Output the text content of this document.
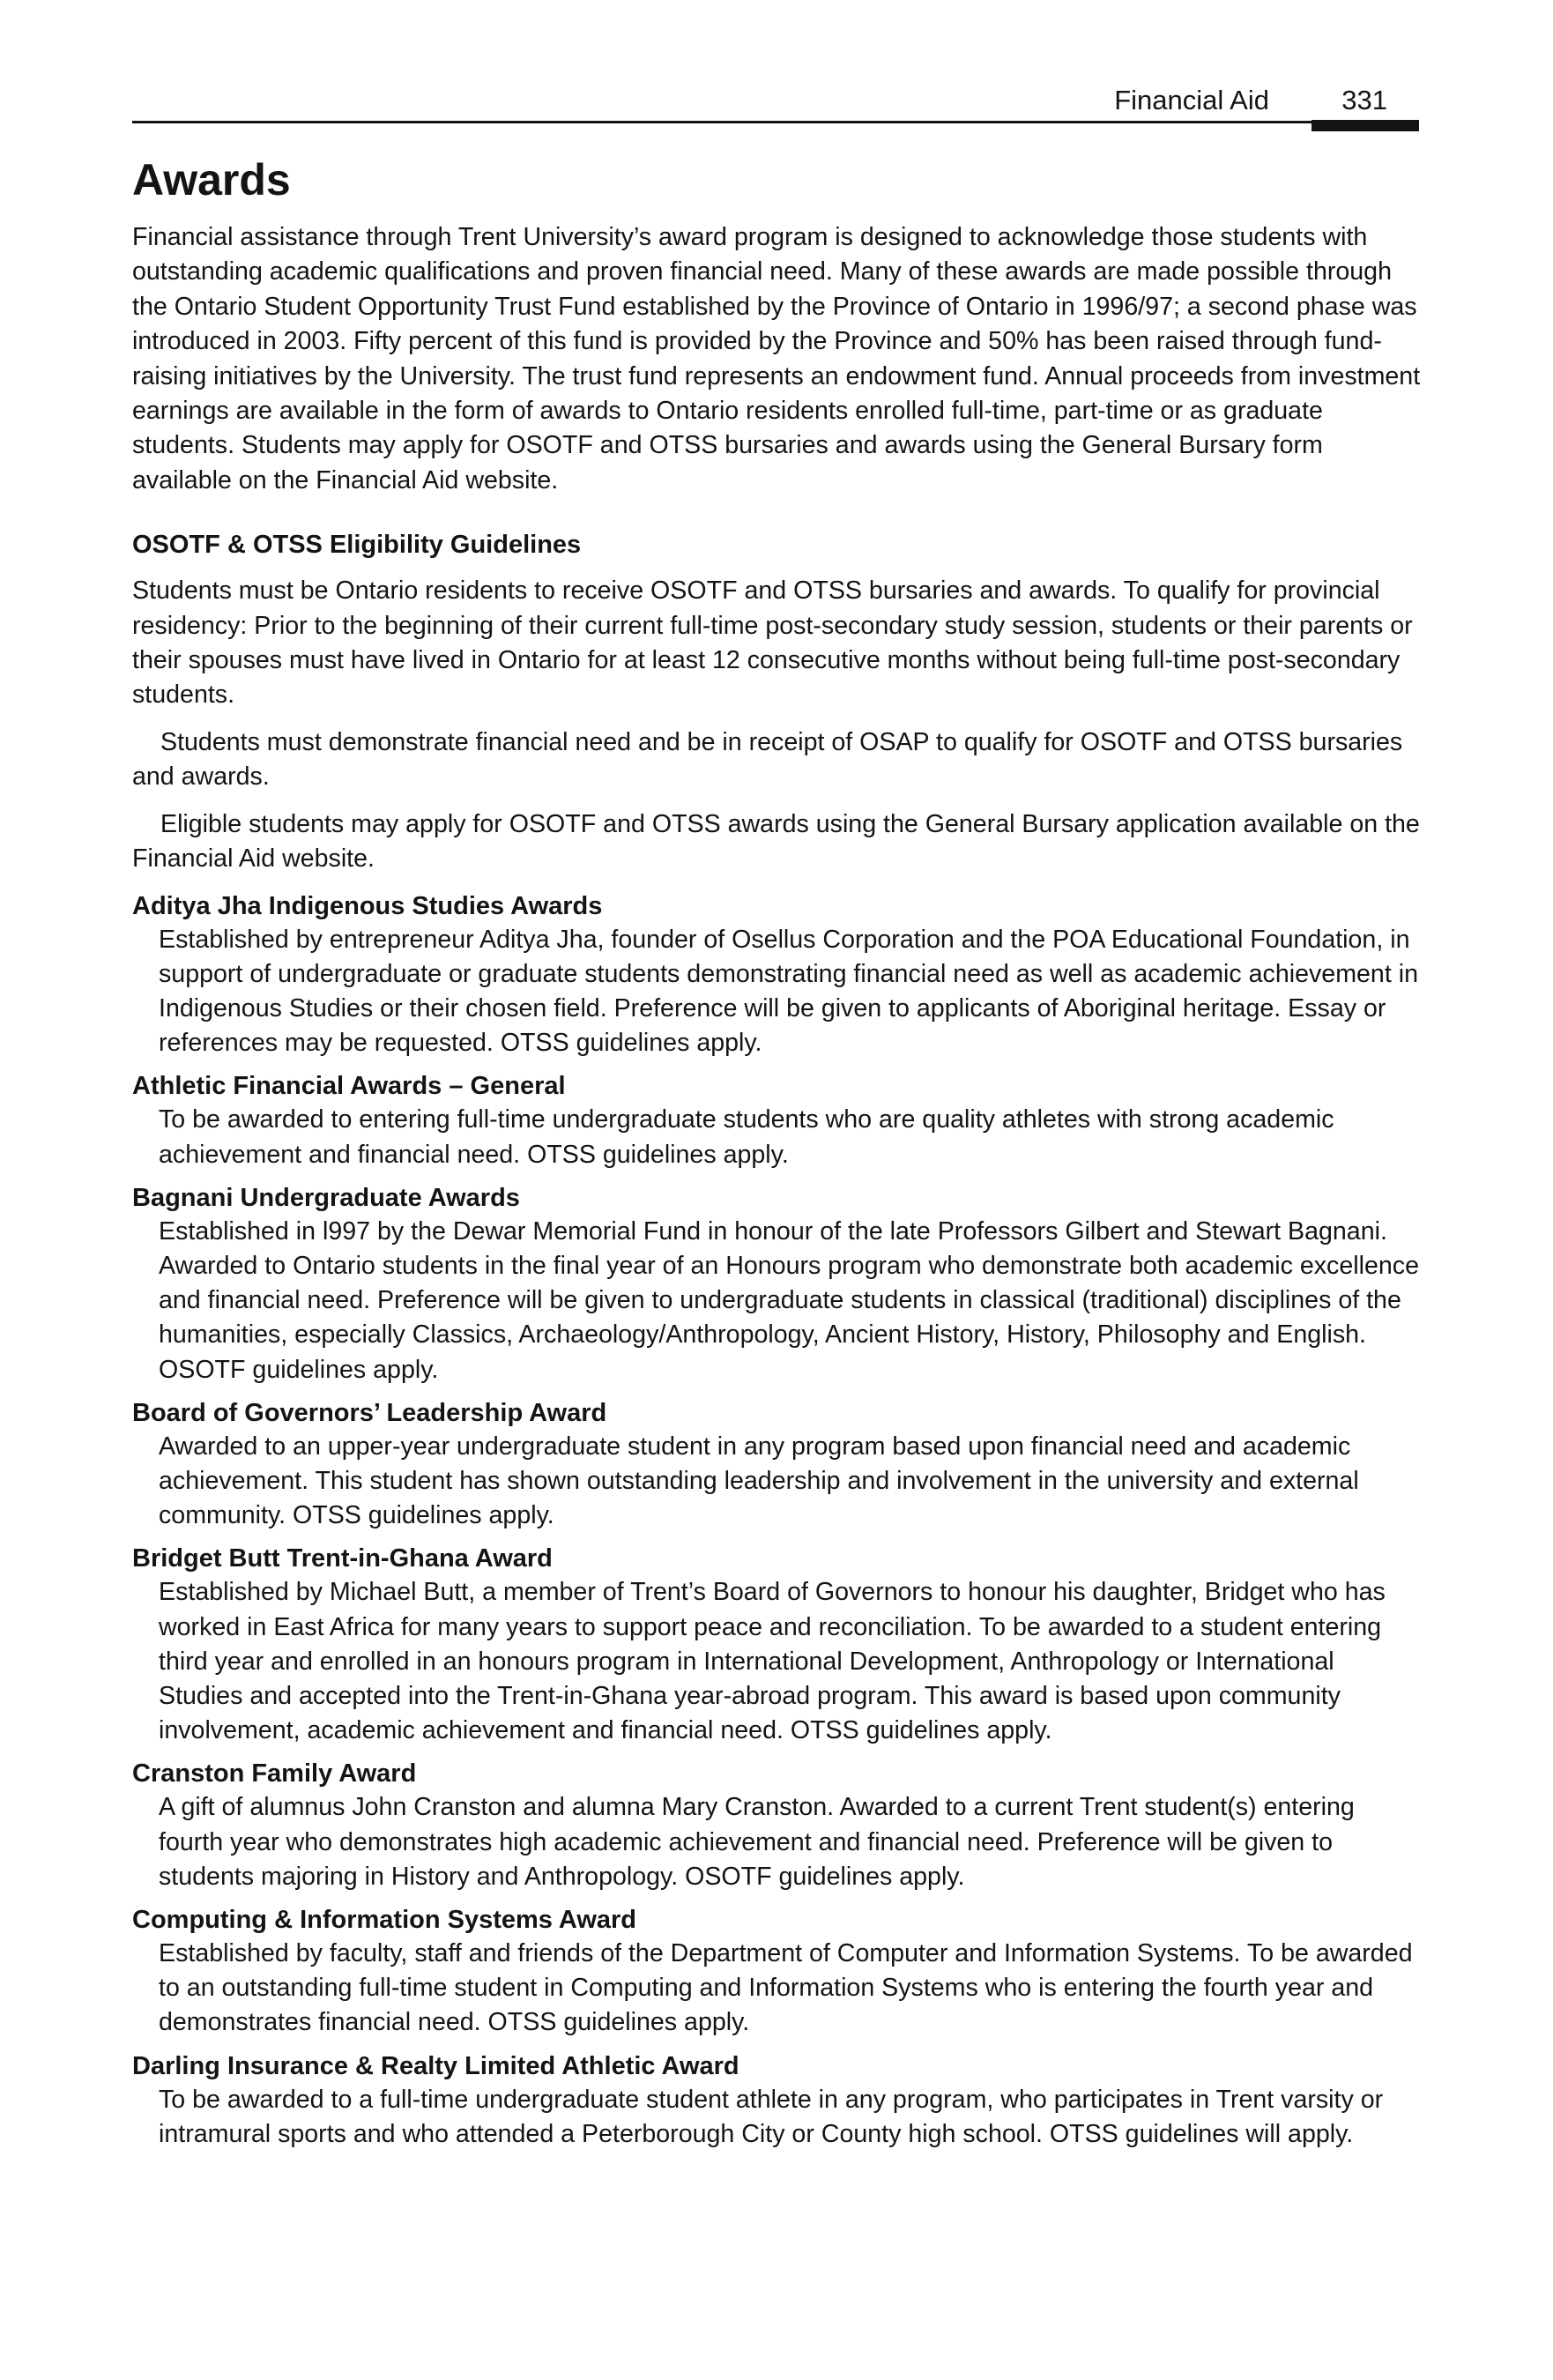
Financial Aid	331
Awards

Financial assistance through Trent University’s award program is designed to acknowledge those students with outstanding academic qualifications and proven financial need. Many of these awards are made possible through the Ontario Student Opportunity Trust Fund established by the Province of Ontario in 1996/97; a second phase was introduced in 2003. Fifty percent of this fund is provided by the Province and 50% has been raised through fund-raising initiatives by the University. The trust fund represents an endowment fund. Annual proceeds from investment earnings are available in the form of awards to Ontario residents enrolled full-time, part-time or as graduate students. Students may apply for OSOTF and OTSS bursaries and awards using the General Bursary form available on the Financial Aid website.

OSOTF & OTSS Eligibility Guidelines

Students must be Ontario residents to receive OSOTF and OTSS bursaries and awards. To qualify for provincial residency: Prior to the beginning of their current full-time post-secondary study session, students or their parents or their spouses must have lived in Ontario for at least 12 consecutive months without being full-time post-secondary students.

Students must demonstrate financial need and be in receipt of OSAP to qualify for OSOTF and OTSS bursaries and awards.

Eligible students may apply for OSOTF and OTSS awards using the General Bursary application available on the Financial Aid website.

Aditya Jha Indigenous Studies Awards
Established by entrepreneur Aditya Jha, founder of Osellus Corporation and the POA Educational Foundation, in support of undergraduate or graduate students demonstrating financial need as well as academic achievement in Indigenous Studies or their chosen field. Preference will be given to applicants of Aboriginal heritage. Essay or references may be requested. OTSS guidelines apply.
Athletic Financial Awards – General
To be awarded to entering full-time undergraduate students who are quality athletes with strong academic achievement and financial need. OTSS guidelines apply.
Bagnani Undergraduate Awards
Established in l997 by the Dewar Memorial Fund in honour of the late Professors Gilbert and Stewart Bagnani. Awarded to Ontario students in the final year of an Honours program who demonstrate both academic excellence and financial need. Preference will be given to undergraduate students in classical (traditional) disciplines of the humanities, especially Classics, Archaeology/Anthropology, Ancient History, History, Philosophy and English. OSOTF guidelines apply.
Board of Governors’ Leadership Award
Awarded to an upper-year undergraduate student in any program based upon financial need and academic achievement. This student has shown outstanding leadership and involvement in the university and external community. OTSS guidelines apply.
Bridget Butt Trent-in-Ghana Award
Established by Michael Butt, a member of Trent’s Board of Governors to honour his daughter, Bridget who has worked in East Africa for many years to support peace and reconciliation. To be awarded to a student entering third year and enrolled in an honours program in International Development, Anthropology or International Studies and accepted into the Trent-in-Ghana year-abroad program. This award is based upon community involvement, academic achievement and financial need. OTSS guidelines apply.
Cranston Family Award
A gift of alumnus John Cranston and alumna Mary Cranston. Awarded to a current Trent student(s) entering fourth year who demonstrates high academic achievement and financial need. Preference will be given to students majoring in History and Anthropology. OSOTF guidelines apply.
Computing & Information Systems Award
Established by faculty, staff and friends of the Department of Computer and Information Systems. To be awarded to an outstanding full-time student in Computing and Information Systems who is entering the fourth year and demonstrates financial need. OTSS guidelines apply.
Darling Insurance & Realty Limited Athletic Award
To be awarded to a full-time undergraduate student athlete in any program, who participates in Trent varsity or intramural sports and who attended a Peterborough City or County high school. OTSS guidelines will apply.
